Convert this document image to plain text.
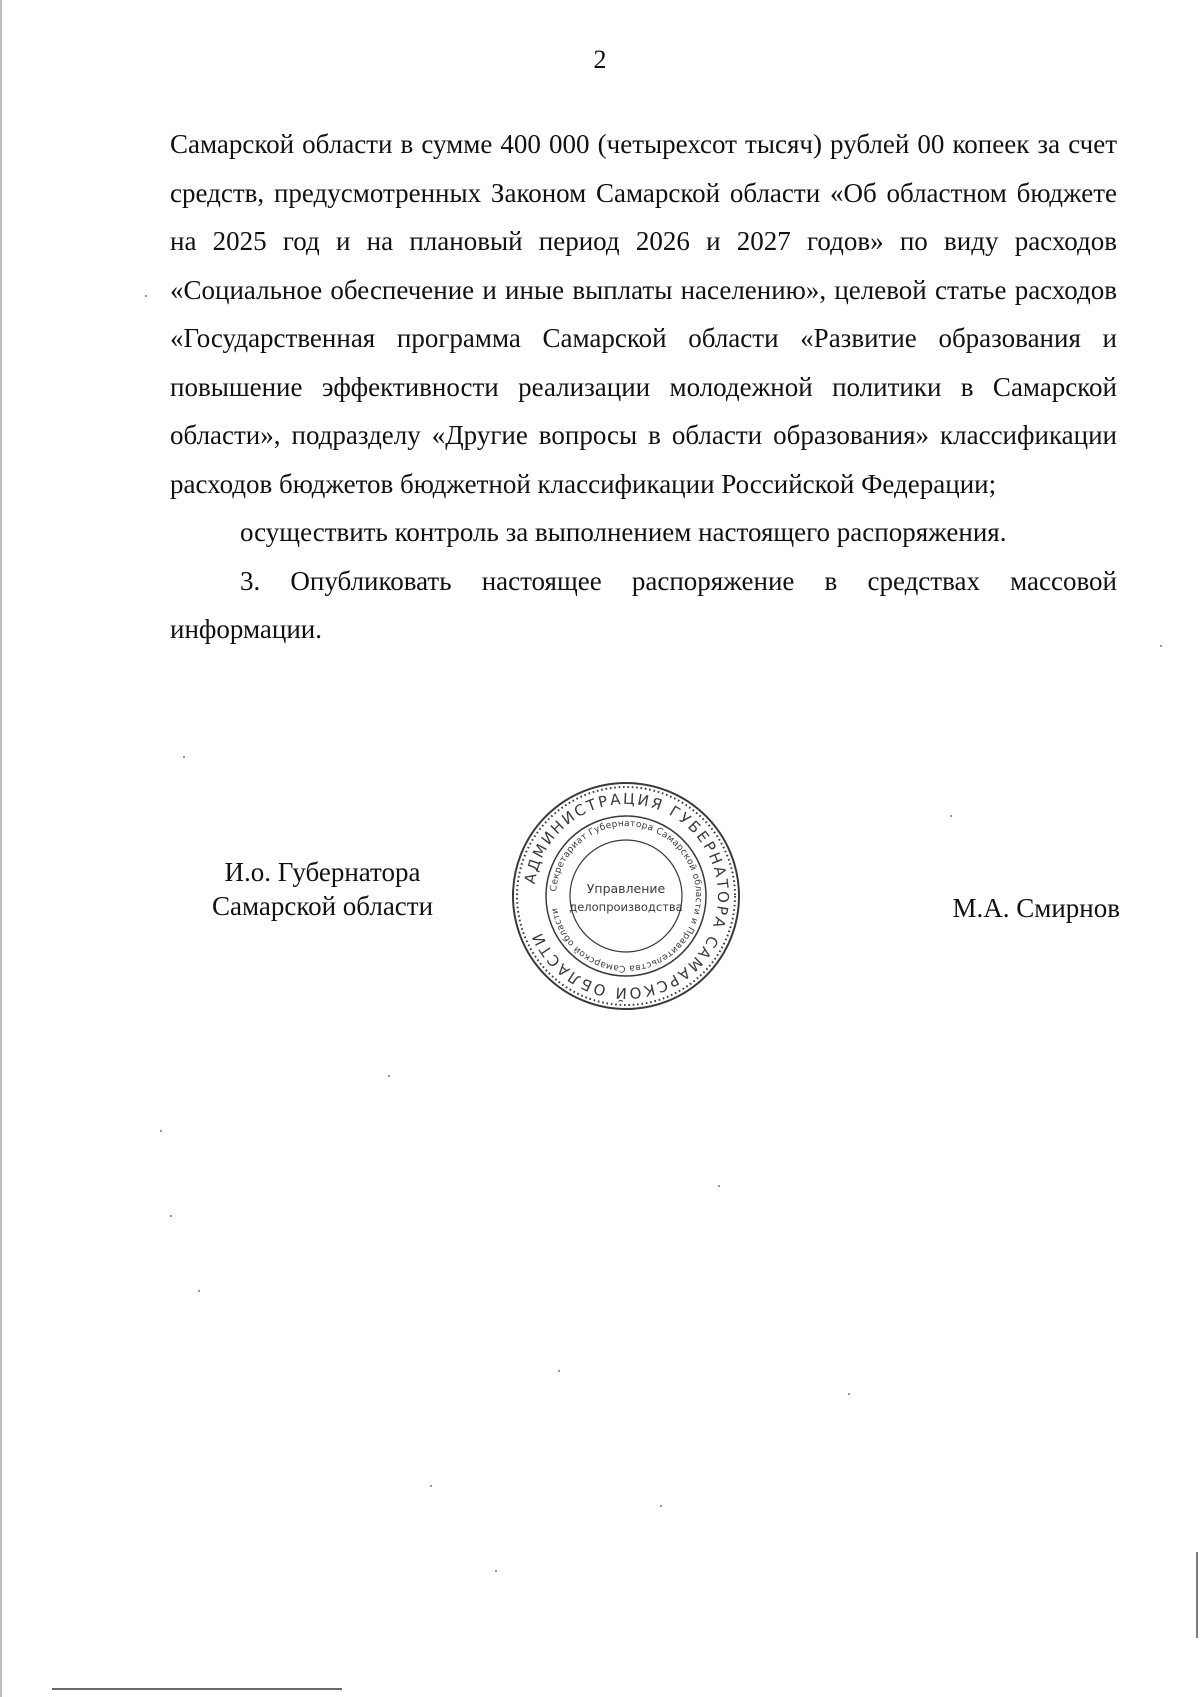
2

Самарской области в сумме 400 000 (четырехсот тысяч) рублей 00 копеек за счет средств, предусмотренных Законом Самарской области «Об областном бюджете на 2025 год и на плановый период 2026 и 2027 годов» по виду расходов «Социальное обеспечение и иные выплаты населению», целевой статье расходов «Государственная программа Самарской области «Развитие образования и повышение эффективности реализации молодежной политики в Самарской области», подразделу «Другие вопросы в области образования» классификации расходов бюджетов бюджетной классификации Российской Федерации;

осуществить контроль за выполнением настоящего распоряжения.

3. Опубликовать настоящее распоряжение в средствах массовой информации.

И.о. Губернатора
Самарской области
АДМИНИСТРАЦИЯ ГУБЕРНАТОРА САМАРСКОЙ ОБЛАСТИ
Секретариат Губернатора Самарской области и Правительства Самарской области
Управление
делопроизводства	М.А. Смирнов
